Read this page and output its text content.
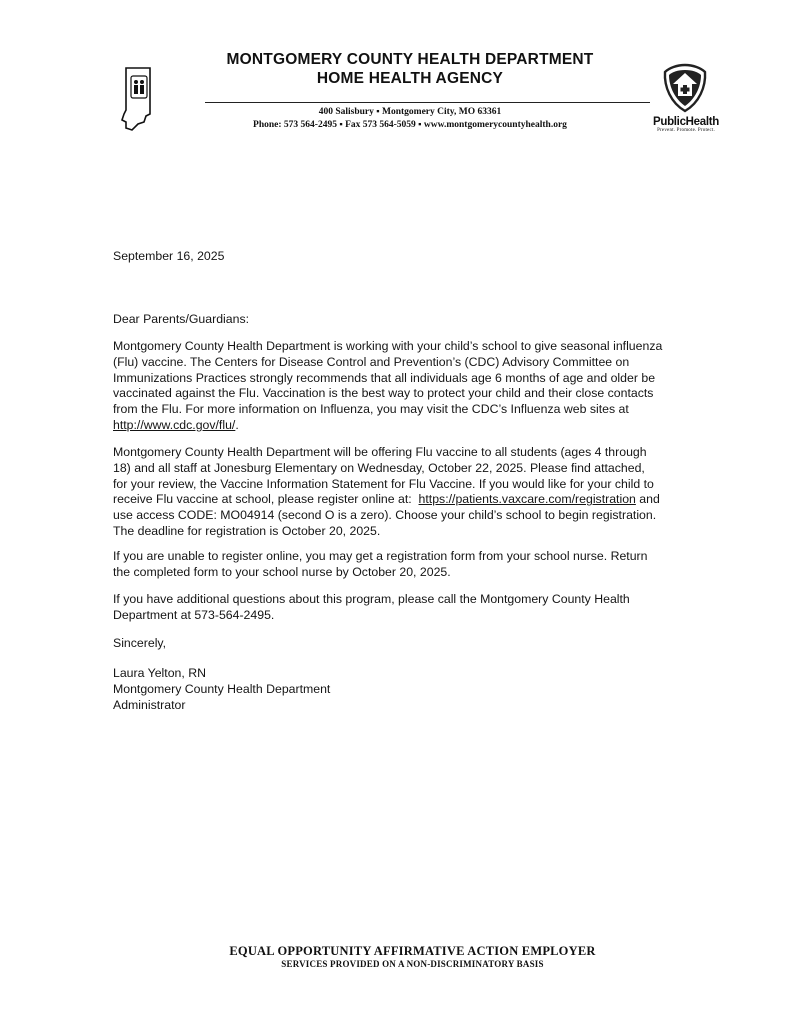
MONTGOMERY COUNTY HEALTH DEPARTMENT
HOME HEALTH AGENCY
400 Salisbury ▪ Montgomery City, MO 63361
Phone: 573 564-2495 ▪ Fax 573 564-5059 ▪ www.montgomerycountyhealth.org	PublicHealth
Prevent. Promote. Protect.
September 16, 2025
Dear Parents/Guardians:

Montgomery County Health Department is working with your child’s school to give seasonal influenza

(Flu) vaccine. The Centers for Disease Control and Prevention’s (CDC) Advisory Committee on

Immunizations Practices strongly recommends that all individuals age 6 months of age and older be

vaccinated against the Flu. Vaccination is the best way to protect your child and their close contacts

from the Flu. For more information on Influenza, you may visit the CDC’s Influenza web sites at

http://www.cdc.gov/flu/.

Montgomery County Health Department will be offering Flu vaccine to all students (ages 4 through

18) and all staff at Jonesburg Elementary on Wednesday, October 22, 2025. Please find attached,

for your review, the Vaccine Information Statement for Flu Vaccine. If you would like for your child to

receive Flu vaccine at school, please register online at:  https://patients.vaxcare.com/registration and

use access CODE: MO04914 (second O is a zero). Choose your child’s school to begin registration.

The deadline for registration is October 20, 2025.

If you are unable to register online, you may get a registration form from your school nurse. Return

the completed form to your school nurse by October 20, 2025.

If you have additional questions about this program, please call the Montgomery County Health

Department at 573-564-2495.

Sincerely,

Laura Yelton, RN

Montgomery County Health Department

Administrator

EQUAL OPPORTUNITY AFFIRMATIVE ACTION EMPLOYER
SERVICES PROVIDED ON A NON-DISCRIMINATORY BASIS
